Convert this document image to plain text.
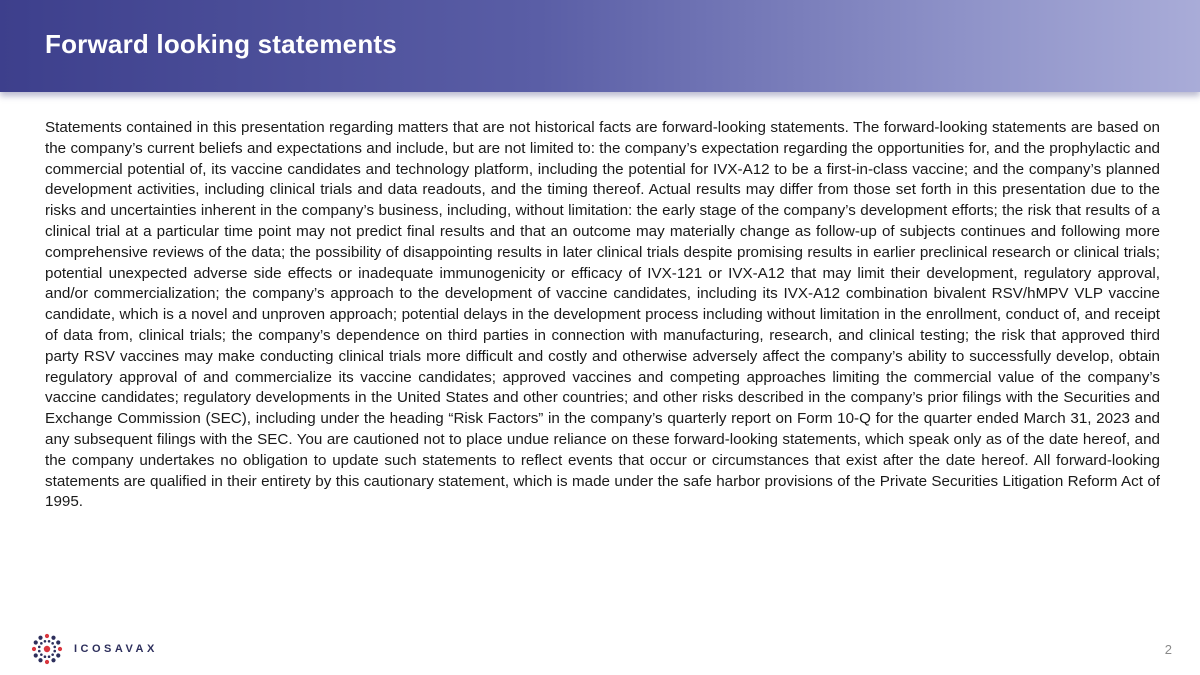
Forward looking statements
Statements contained in this presentation regarding matters that are not historical facts are forward-looking statements. The forward-looking statements are based on the company’s current beliefs and expectations and include, but are not limited to: the company’s expectation regarding the opportunities for, and the prophylactic and commercial potential of, its vaccine candidates and technology platform, including the potential for IVX-A12 to be a first-in-class vaccine; and the company’s planned development activities, including clinical trials and data readouts, and the timing thereof. Actual results may differ from those set forth in this presentation due to the risks and uncertainties inherent in the company’s business, including, without limitation: the early stage of the company’s development efforts; the risk that results of a clinical trial at a particular time point may not predict final results and that an outcome may materially change as follow-up of subjects continues and following more comprehensive reviews of the data; the possibility of disappointing results in later clinical trials despite promising results in earlier preclinical research or clinical trials; potential unexpected adverse side effects or inadequate immunogenicity or efficacy of IVX-121 or IVX-A12 that may limit their development, regulatory approval, and/or commercialization; the company’s approach to the development of vaccine candidates, including its IVX-A12 combination bivalent RSV/hMPV VLP vaccine candidate, which is a novel and unproven approach; potential delays in the development process including without limitation in the enrollment, conduct of, and receipt of data from, clinical trials; the company’s dependence on third parties in connection with manufacturing, research, and clinical testing; the risk that approved third party RSV vaccines may make conducting clinical trials more difficult and costly and otherwise adversely affect the company’s ability to successfully develop, obtain regulatory approval of and commercialize its vaccine candidates; approved vaccines and competing approaches limiting the commercial value of the company’s vaccine candidates; regulatory developments in the United States and other countries; and other risks described in the company’s prior filings with the Securities and Exchange Commission (SEC), including under the heading “Risk Factors” in the company’s quarterly report on Form 10-Q for the quarter ended March 31, 2023 and any subsequent filings with the SEC. You are cautioned not to place undue reliance on these forward-looking statements, which speak only as of the date hereof, and the company undertakes no obligation to update such statements to reflect events that occur or circumstances that exist after the date hereof. All forward-looking statements are qualified in their entirety by this cautionary statement, which is made under the safe harbor provisions of the Private Securities Litigation Reform Act of 1995.
ICOSAVAX	2
